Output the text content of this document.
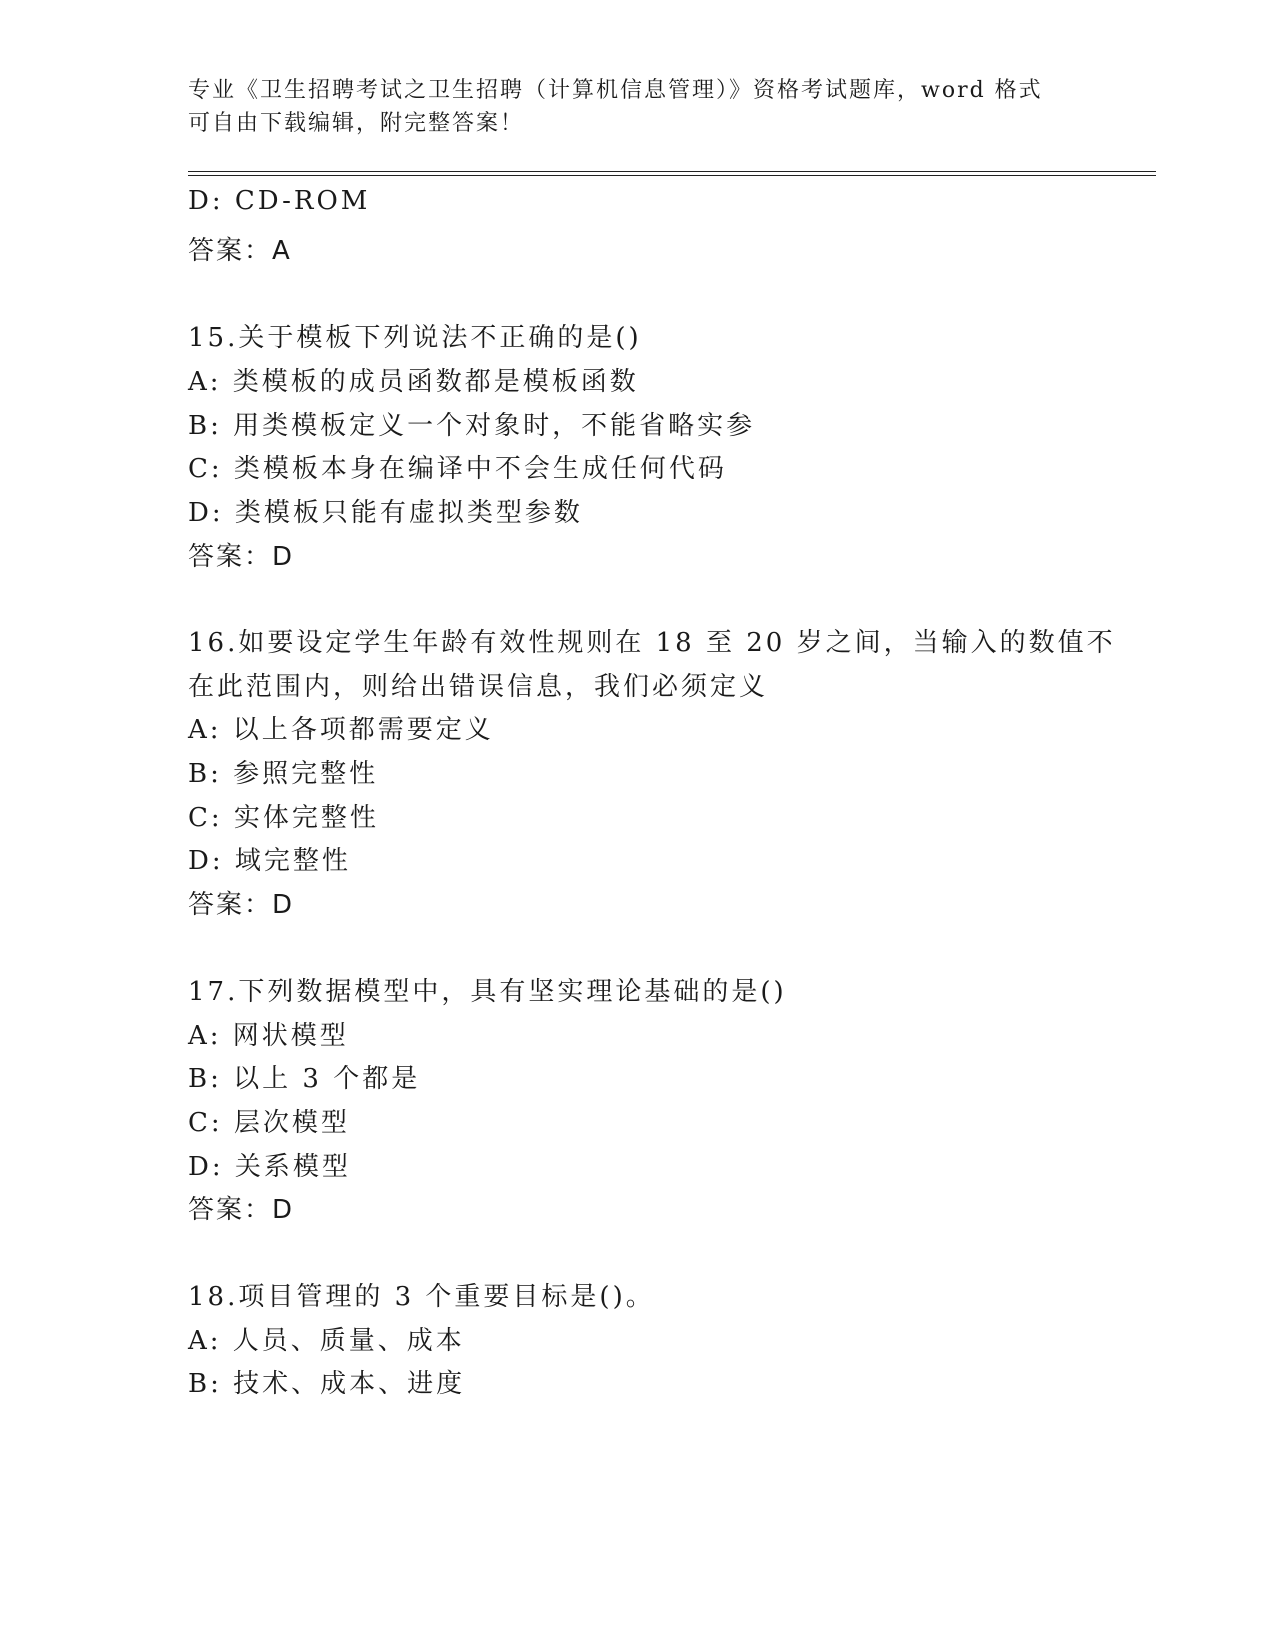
专业《卫生招聘考试之卫生招聘（计算机信息管理）》资格考试题库，word 格式
可自由下载编辑，附完整答案！
D: CD-ROM
答案：A
15.关于模板下列说法不正确的是()
A: 类模板的成员函数都是模板函数
B: 用类模板定义一个对象时，不能省略实参
C: 类模板本身在编译中不会生成任何代码
D: 类模板只能有虚拟类型参数
答案：D
16.如要设定学生年龄有效性规则在 18 至 20 岁之间，当输入的数值不
在此范围内，则给出错误信息，我们必须定义
A: 以上各项都需要定义
B: 参照完整性
C: 实体完整性
D: 域完整性
答案：D
17.下列数据模型中，具有坚实理论基础的是()
A: 网状模型
B: 以上 3 个都是
C: 层次模型
D: 关系模型
答案：D
18.项目管理的 3 个重要目标是()。
A: 人员、质量、成本
B: 技术、成本、进度
